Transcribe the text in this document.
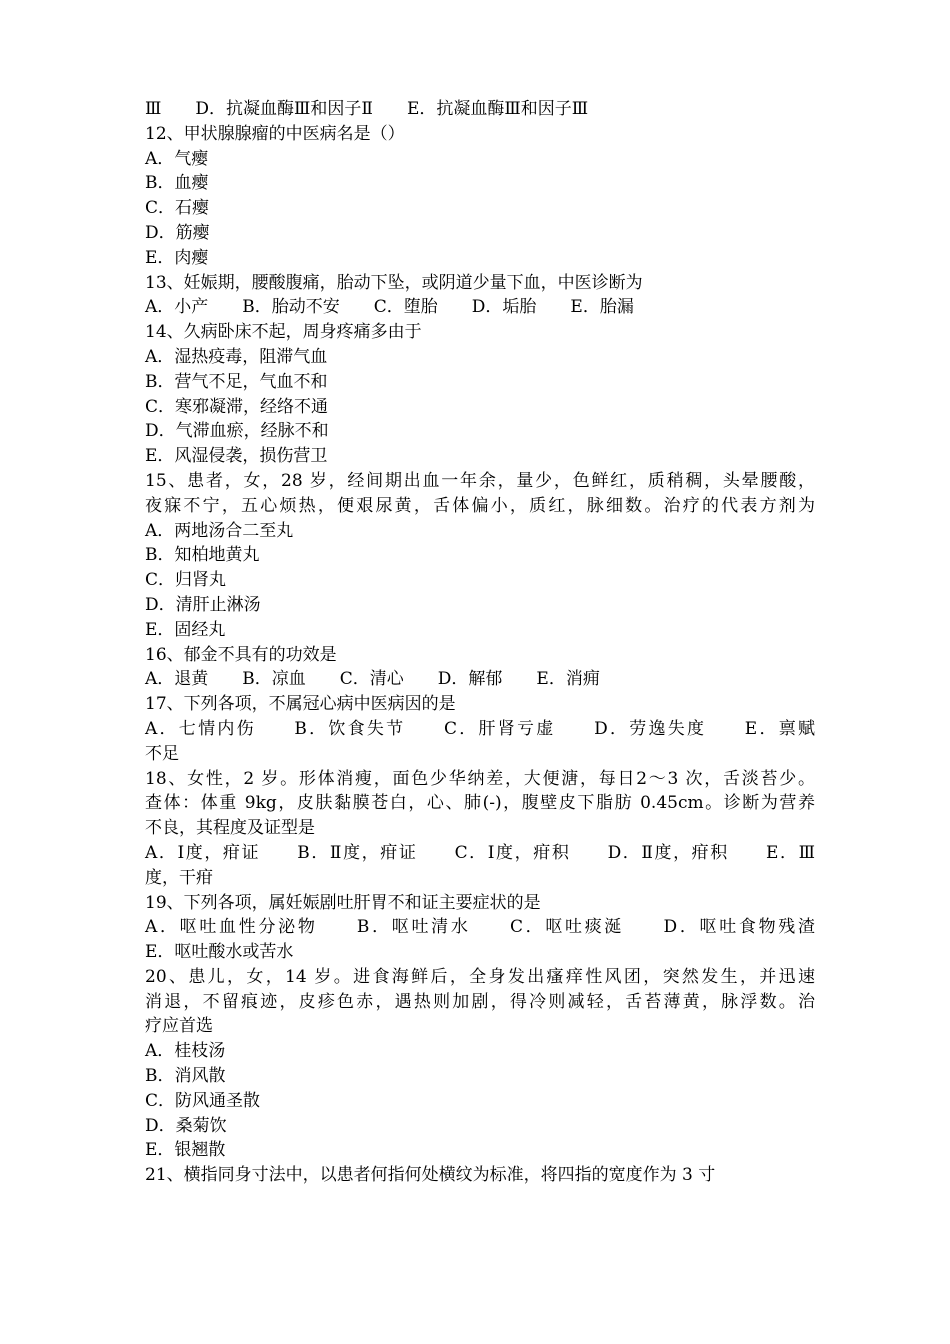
Ⅲ　　D．抗凝血酶Ⅲ和因子Ⅱ　　E．抗凝血酶Ⅲ和因子Ⅲ
12、甲状腺腺瘤的中医病名是（）
A．气瘿
B．血瘿
C．石瘿
D．筋瘿
E．肉瘿
13、妊娠期，腰酸腹痛，胎动下坠，或阴道少量下血，中医诊断为
A．小产　　B．胎动不安　　C．堕胎　　D．垢胎　　E．胎漏
14、久病卧床不起，周身疼痛多由于
A．湿热疫毒，阻滞气血
B．营气不足，气血不和
C．寒邪凝滞，经络不通
D．气滞血瘀，经脉不和
E．风湿侵袭，损伤营卫
15、患者，女，28 岁，经间期出血一年余，量少，色鲜红，质稍稠，头晕腰酸，
夜寐不宁，五心烦热，便艰尿黄，舌体偏小，质红，脉细数。治疗的代表方剂为
A．两地汤合二至丸
B．知柏地黄丸
C．归肾丸
D．清肝止淋汤
E．固经丸
16、郁金不具有的功效是
A．退黄　　B．凉血　　C．清心　　D．解郁　　E．消痈
17、下列各项，不属冠心病中医病因的是
A．七情内伤　　B．饮食失节　　C．肝肾亏虚　　D．劳逸失度　　E．禀赋
不足
18、女性，2 岁。形体消瘦，面色少华纳差，大便溏，每日2～3 次，舌淡苔少。
查体：体重 9kg，皮肤黏膜苍白，心、肺(-)，腹壁皮下脂肪 0.45cm。诊断为营养
不良，其程度及证型是
A．Ⅰ度，疳证　　B．Ⅱ度，疳证　　C．Ⅰ度，疳积　　D．Ⅱ度，疳积　　E．Ⅲ
度，干疳
19、下列各项，属妊娠剧吐肝胃不和证主要症状的是
A．呕吐血性分泌物　　B．呕吐清水　　C．呕吐痰涎　　D．呕吐食物残渣
E．呕吐酸水或苦水
20、患儿，女，14 岁。进食海鲜后，全身发出瘙痒性风团，突然发生，并迅速
消退，不留痕迹，皮疹色赤，遇热则加剧，得冷则减轻，舌苔薄黄，脉浮数。治
疗应首选
A．桂枝汤
B．消风散
C．防风通圣散
D．桑菊饮
E．银翘散
21、横指同身寸法中，以患者何指何处横纹为标准，将四指的宽度作为 3 寸
